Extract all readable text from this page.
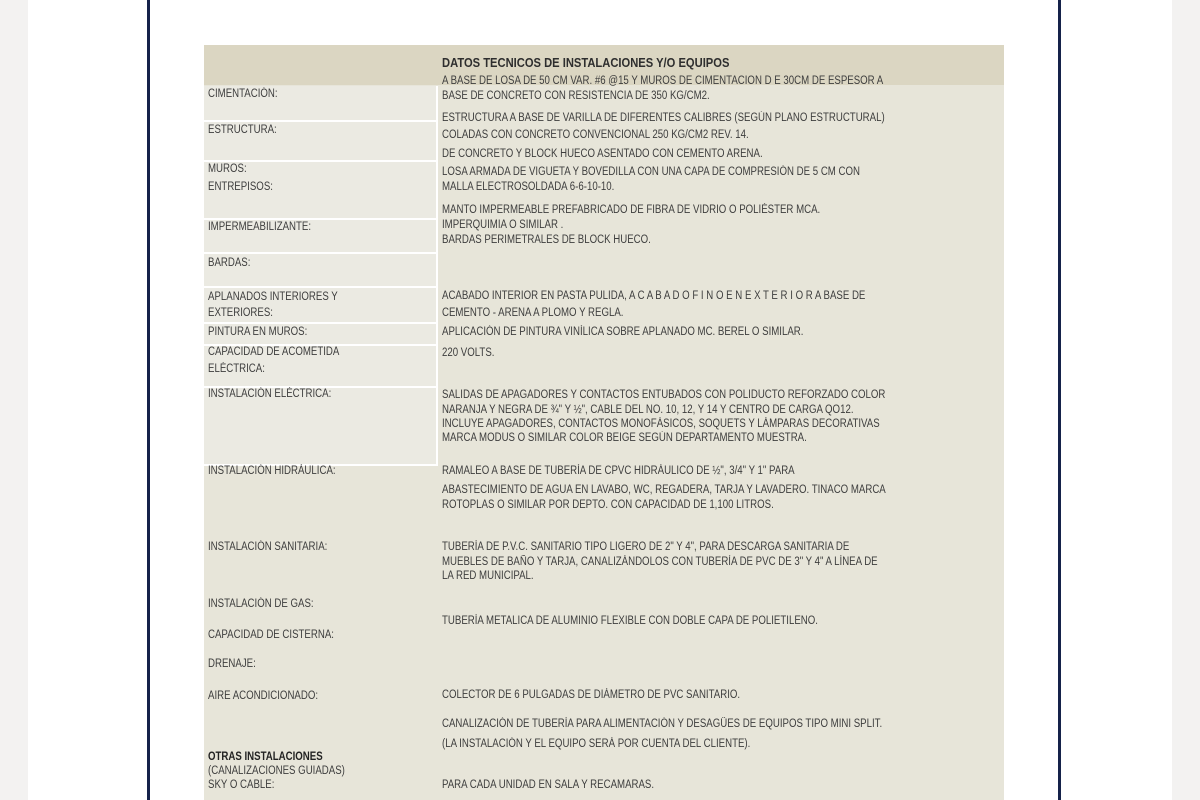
DATOS TECNICOS DE INSTALACIONES Y/O EQUIPOS
CIMENTACIÓN:
ESTRUCTURA:
MUROS:
ENTREPISOS:
IMPERMEABILIZANTE:
BARDAS:
APLANADOS INTERIORES Y
EXTERIORES:
PINTURA EN MUROS:
CAPACIDAD DE ACOMETIDA
ELÉCTRICA:
INSTALACIÓN ELÉCTRICA:
INSTALACIÓN HIDRÁULICA:
INSTALACIÓN SANITARIA:
INSTALACIÓN DE GAS:
CAPACIDAD DE CISTERNA:
DRENAJE:
AIRE ACONDICIONADO:
OTRAS INSTALACIONES
(CANALIZACIONES GUIADAS)
SKY O CABLE:
A BASE DE LOSA DE 50 CM VAR. #6 @15 Y MUROS DE CIMENTACION D E 30CM DE ESPESOR A
BASE DE CONCRETO CON RESISTENCIA DE 350 KG/CM2.
ESTRUCTURA A BASE DE VARILLA DE DIFERENTES CALIBRES (SEGÚN PLANO ESTRUCTURAL)
COLADAS CON CONCRETO CONVENCIONAL 250 KG/CM2 REV. 14.
DE CONCRETO Y BLOCK HUECO ASENTADO CON CEMENTO ARENA.
LOSA ARMADA DE VIGUETA Y BOVEDILLA CON UNA CAPA DE COMPRESIÓN DE 5 CM CON
MALLA ELECTROSOLDADA 6-6-10-10.
MANTO IMPERMEABLE PREFABRICADO DE FIBRA DE VIDRIO O POLIÉSTER MCA.
IMPERQUIMIA O SIMILAR .
BARDAS PERIMETRALES DE BLOCK HUECO.
ACABADO INTERIOR EN PASTA PULIDA, A C A B A D O F I N O E N E X T E R I O R A BASE DE
CEMENTO - ARENA A PLOMO Y REGLA.
APLICACIÓN DE PINTURA VINÍLICA SOBRE APLANADO MC. BEREL O SIMILAR.
220 VOLTS.
SALIDAS DE APAGADORES Y CONTACTOS ENTUBADOS CON POLIDUCTO REFORZADO COLOR
NARANJA Y NEGRA DE ¾" Y ½", CABLE DEL NO. 10, 12, Y 14 Y CENTRO DE CARGA QO12.
INCLUYE APAGADORES, CONTACTOS MONOFÁSICOS, SOQUETS Y LÁMPARAS DECORATIVAS
MARCA MODUS O SIMILAR COLOR BEIGE SEGÚN DEPARTAMENTO MUESTRA.
RAMALEO A BASE DE TUBERÍA DE CPVC HIDRÁULICO DE ½", 3/4" Y 1" PARA
ABASTECIMIENTO DE AGUA EN LAVABO, WC, REGADERA, TARJA Y LAVADERO. TINACO MARCA
ROTOPLAS O SIMILAR POR DEPTO. CON CAPACIDAD DE 1,100 LITROS.
TUBERÍA DE P.V.C. SANITARIO TIPO LIGERO DE 2" Y 4", PARA DESCARGA SANITARIA DE
MUEBLES DE BAÑO Y TARJA, CANALIZÁNDOLOS CON TUBERÍA DE PVC DE 3" Y 4" A LÍNEA DE
LA RED MUNICIPAL.
TUBERÍA METALICA DE ALUMINIO FLEXIBLE CON DOBLE CAPA DE POLIETILENO.
COLECTOR DE 6 PULGADAS DE DIÁMETRO DE PVC SANITARIO.
CANALIZACIÓN DE TUBERÍA PARA ALIMENTACIÓN Y DESAGÜES DE EQUIPOS TIPO MINI SPLIT.
(LA INSTALACIÓN Y EL EQUIPO SERÁ POR CUENTA DEL CLIENTE).
PARA CADA UNIDAD EN SALA Y RECAMARAS.
